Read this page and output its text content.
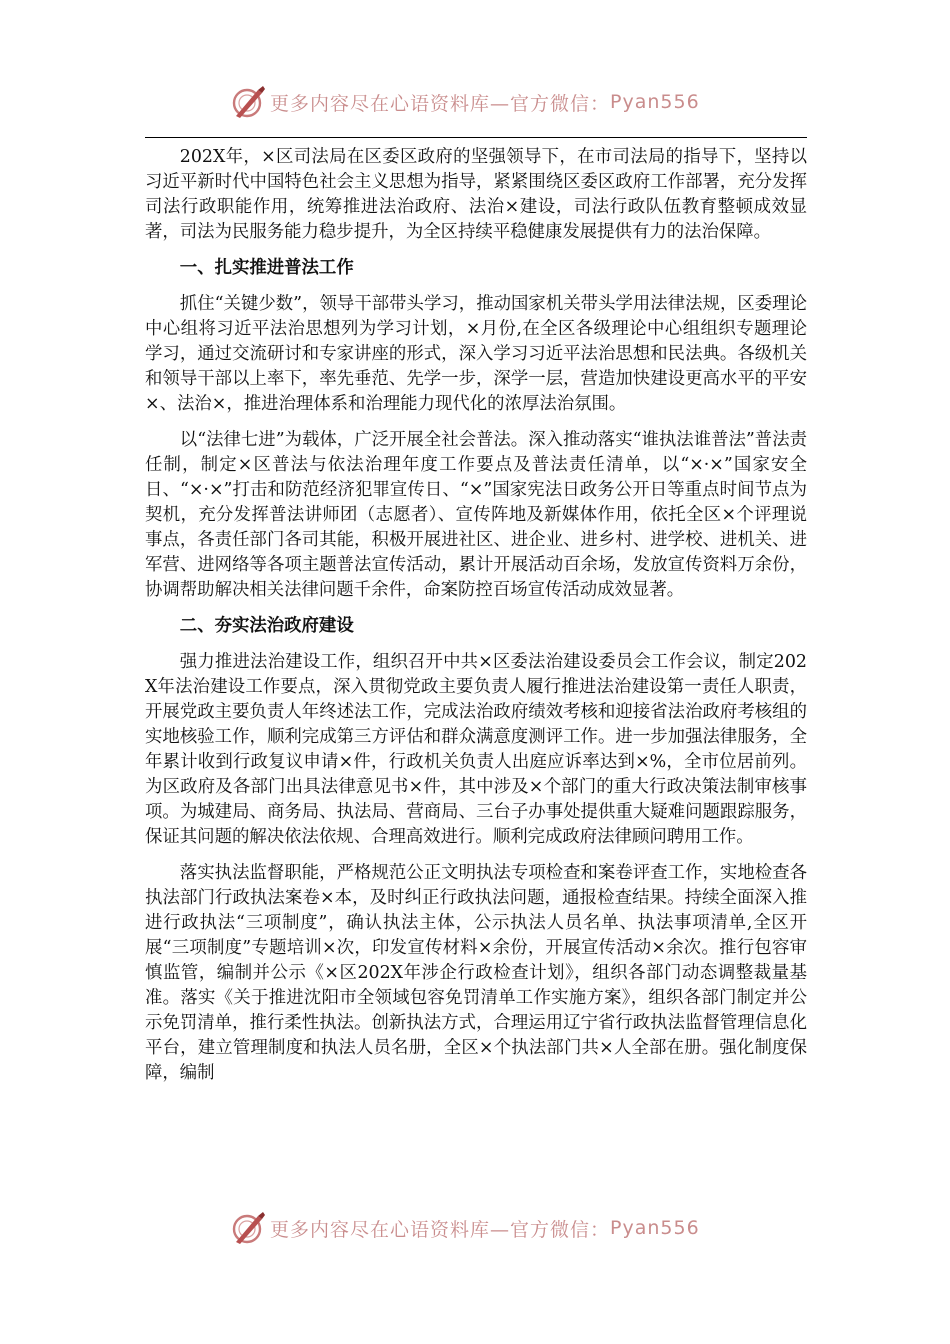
更多内容尽在心语资料库—官方微信： Pyan556

202X年，×区司法局在区委区政府的坚强领导下，在市司法局的指导下，坚持以习近平新时代中国特色社会主义思想为指导，紧紧围绕区委区政府工作部署，充分发挥司法行政职能作用，统筹推进法治政府、法治×建设，司法行政队伍教育整顿成效显著，司法为民服务能力稳步提升，为全区持续平稳健康发展提供有力的法治保障。

一、扎实推进普法工作

抓住“关键少数”，领导干部带头学习，推动国家机关带头学用法律法规，区委理论中心组将习近平法治思想列为学习计划，×月份,在全区各级理论中心组组织专题理论学习，通过交流研讨和专家讲座的形式，深入学习习近平法治思想和民法典。各级机关和领导干部以上率下，率先垂范、先学一步，深学一层，营造加快建设更高水平的平安×、法治×，推进治理体系和治理能力现代化的浓厚法治氛围。

以“法律七进”为载体，广泛开展全社会普法。深入推动落实“谁执法谁普法”普法责任制，制定×区普法与依法治理年度工作要点及普法责任清单，以“×·×”国家安全日、“×·×”打击和防范经济犯罪宣传日、“×”国家宪法日政务公开日等重点时间节点为契机，充分发挥普法讲师团（志愿者）、宣传阵地及新媒体作用，依托全区×个评理说事点，各责任部门各司其能，积极开展进社区、进企业、进乡村、进学校、进机关、进军营、进网络等各项主题普法宣传活动，累计开展活动百余场，发放宣传资料万余份，协调帮助解决相关法律问题千余件，命案防控百场宣传活动成效显著。

二、夯实法治政府建设

强力推进法治建设工作，组织召开中共×区委法治建设委员会工作会议，制定202X年法治建设工作要点，深入贯彻党政主要负责人履行推进法治建设第一责任人职责，开展党政主要负责人年终述法工作，完成法治政府绩效考核和迎接省法治政府考核组的实地核验工作，顺利完成第三方评估和群众满意度测评工作。进一步加强法律服务，全年累计收到行政复议申请×件，行政机关负责人出庭应诉率达到×%，全市位居前列。为区政府及各部门出具法律意见书×件，其中涉及×个部门的重大行政决策法制审核事项。为城建局、商务局、执法局、营商局、三台子办事处提供重大疑难问题跟踪服务，保证其问题的解决依法依规、合理高效进行。顺利完成政府法律顾问聘用工作。

落实执法监督职能，严格规范公正文明执法专项检查和案卷评查工作，实地检查各执法部门行政执法案卷×本，及时纠正行政执法问题，通报检查结果。持续全面深入推进行政执法“三项制度”，确认执法主体，公示执法人员名单、执法事项清单,全区开展“三项制度”专题培训×次，印发宣传材料×余份，开展宣传活动×余次。推行包容审慎监管，编制并公示《×区202X年涉企行政检查计划》，组织各部门动态调整裁量基准。落实《关于推进沈阳市全领域包容免罚清单工作实施方案》，组织各部门制定并公示免罚清单，推行柔性执法。创新执法方式，合理运用辽宁省行政执法监督管理信息化平台，建立管理制度和执法人员名册，全区×个执法部门共×人全部在册。强化制度保障，编制

更多内容尽在心语资料库—官方微信： Pyan556
